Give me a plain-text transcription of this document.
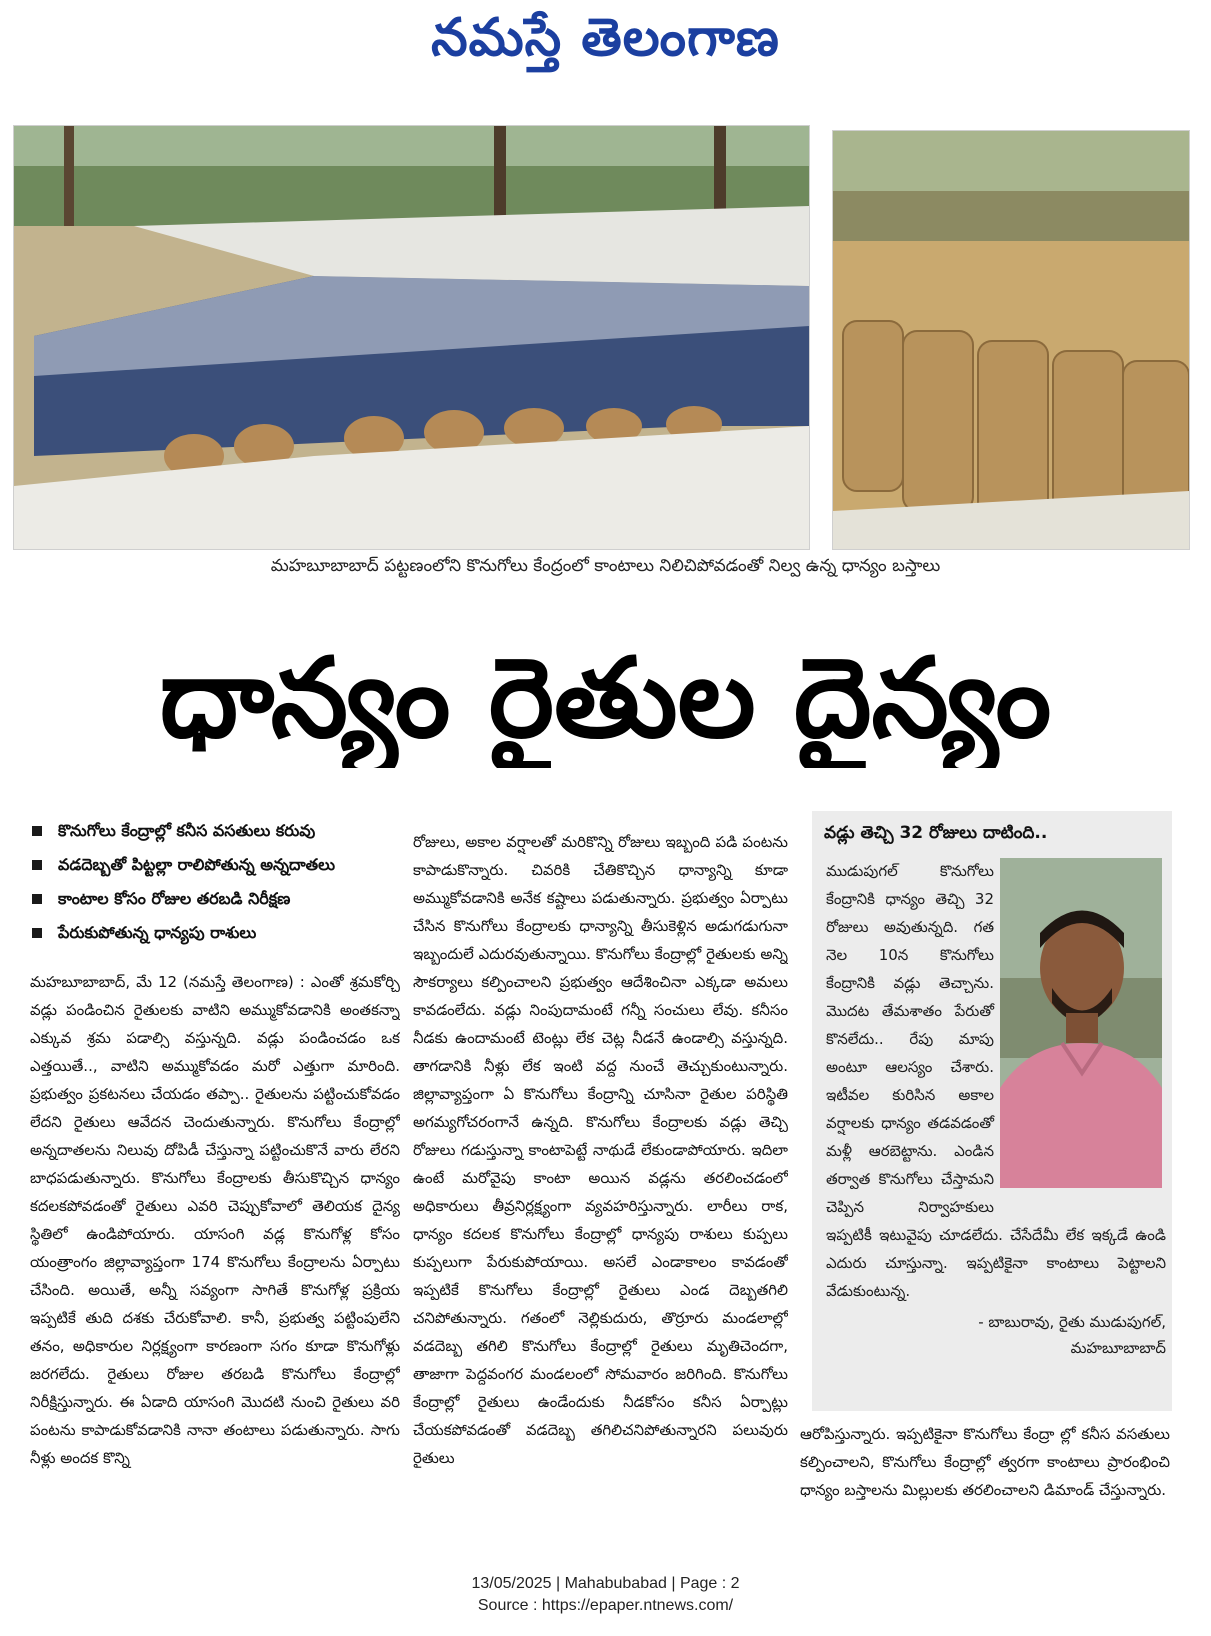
నమస్తే తెలంగాణ
మహబూబాబాద్ పట్టణంలోని కొనుగోలు కేంద్రంలో కాంటాలు నిలిచిపోవడంతో నిల్వ ఉన్న ధాన్యం బస్తాలు
ధాన్యం రైతుల దైన్యం
కొనుగోలు కేంద్రాల్లో కనీస వసతులు కరువు
వడదెబ్బతో పిట్టల్లా రాలిపోతున్న అన్నదాతలు
కాంటాల కోసం రోజుల తరబడి నిరీక్షణ
పేరుకుపోతున్న ధాన్యపు రాశులు

మహబూబాబాద్, మే 12 (నమస్తే తెలంగాణ) : ఎంతో శ్రమకోర్చి వడ్లు పండించిన రైతులకు వాటిని అమ్ముకోవడానికి అంతకన్నా ఎక్కువ శ్రమ పడాల్సి వస్తున్నది. వడ్లు పండించడం ఒక ఎత్తయితే.., వాటిని అమ్ముకోవడం మరో ఎత్తుగా మారింది. ప్రభుత్వం ప్రకటనలు చేయడం తప్పా.. రైతులను పట్టించుకోవడం లేదని రైతులు ఆవేదన చెందుతున్నారు. కొనుగోలు కేంద్రాల్లో అన్నదాతలను నిలువు దోపిడీ చేస్తున్నా పట్టించుకొనే వారు లేరని బాధపడుతున్నారు. కొనుగోలు కేంద్రాలకు తీసుకొచ్చిన ధాన్యం కదలకపోవడంతో రైతులు ఎవరి చెప్పుకోవాలో తెలియక దైన్య స్థితిలో ఉండిపోయారు. యాసంగి వడ్ల కొనుగోళ్ల కోసం యంత్రాంగం జిల్లావ్యాప్తంగా 174 కొనుగోలు కేంద్రాలను ఏర్పాటు చేసింది. అయితే, అన్నీ సవ్యంగా సాగితే కొనుగోళ్ల ప్రక్రియ ఇప్పటికే తుది దశకు చేరుకోవాలి. కానీ, ప్రభుత్వ పట్టింపులేని తనం, అధికారుల నిర్లక్ష్యంగా కారణంగా సగం కూడా కొనుగోళ్లు జరగలేదు. రైతులు రోజుల తరబడి కొనుగోలు కేంద్రాల్లో నిరీక్షిస్తున్నారు. ఈ ఏడాది యాసంగి మొదటి నుంచి రైతులు వరి పంటను కాపాడుకోవడానికి నానా తంటాలు పడుతున్నారు. సాగు నీళ్లు అందక కొన్ని

రోజులు, అకాల వర్షాలతో మరికొన్ని రోజులు ఇబ్బంది పడి పంటను కాపాడుకొన్నారు. చివరికి చేతికొచ్చిన ధాన్యాన్ని కూడా అమ్ముకోవడానికి అనేక కష్టాలు పడుతున్నారు. ప్రభుత్వం ఏర్పాటు చేసిన కొనుగోలు కేంద్రాలకు ధాన్యాన్ని తీసుకెళ్లిన అడుగడుగునా ఇబ్బందులే ఎదురవుతున్నాయి. కొనుగోలు కేంద్రాల్లో రైతులకు అన్ని సౌకర్యాలు కల్పించాలని ప్రభుత్వం ఆదేశించినా ఎక్కడా అమలు కావడంలేదు. వడ్లు నింపుదామంటే గన్నీ సంచులు లేవు. కనీసం నీడకు ఉందామంటే టెంట్లు లేక చెట్ల నీడనే ఉండాల్సి వస్తున్నది. తాగడానికి నీళ్లు లేక ఇంటి వద్ద నుంచే తెచ్చుకుంటున్నారు. జిల్లావ్యాప్తంగా ఏ కొనుగోలు కేంద్రాన్ని చూసినా రైతుల పరిస్థితి అగమ్యగోచరంగానే ఉన్నది. కొనుగోలు కేంద్రాలకు వడ్లు తెచ్చి రోజులు గడుస్తున్నా కాంటాపెట్టే నాథుడే లేకుండాపోయారు. ఇదిలా ఉంటే మరోవైపు కాంటా అయిన వడ్లను తరలించడంలో అధికారులు తీవ్రనిర్లక్ష్యంగా వ్యవహరిస్తున్నారు. లారీలు రాక, ధాన్యం కదలక కొనుగోలు కేంద్రాల్లో ధాన్యపు రాశులు కుప్పలు కుప్పలుగా పేరుకుపోయాయి. అసలే ఎండాకాలం కావడంతో ఇప్పటికే కొనుగోలు కేంద్రాల్లో రైతులు ఎండ దెబ్బతగిలి చనిపోతున్నారు. గతంలో నెల్లికుదురు, తొర్రూరు మండలాల్లో వడదెబ్బ తగిలి కొనుగోలు కేంద్రాల్లో రైతులు మృతిచెందగా, తాజాగా పెద్దవంగర మండలంలో సోమవారం జరిగింది. కొనుగోలు కేంద్రాల్లో రైతులు ఉండేందుకు నీడకోసం కనీస ఏర్పాట్లు చేయకపోవడంతో వడదెబ్బ తగిలిచనిపోతున్నారని పలువురు రైతులు

వడ్లు తెచ్చి 32 రోజులు దాటింది..
ముడుపుగల్ కొనుగోలు కేంద్రానికి ధాన్యం తెచ్చి 32 రోజులు అవుతున్నది. గత నెల 10న కొనుగోలు కేంద్రానికి వడ్లు తెచ్చాను. మొదట తేమశాతం పేరుతో కొనలేదు.. రేపు మాపు అంటూ ఆలస్యం చేశారు. ఇటీవల కురిసిన అకాల వర్షాలకు ధాన్యం తడవడంతో మళ్లీ ఆరబెట్టాను. ఎండిన తర్వాత కొనుగోలు చేస్తామని చెప్పిన నిర్వాహకులు ఇప్పటికీ ఇటువైపు చూడలేదు. చేసేదేమీ లేక ఇక్కడే ఉండి ఎదురు చూస్తున్నా. ఇప్పటికైనా కాంటాలు పెట్టాలని వేడుకుంటున్న.
- బాబురావు, రైతు ముడుపుగల్,
మహబూబాబాద్

ఆరోపిస్తున్నారు. ఇప్పటికైనా కొనుగోలు కేంద్రా ల్లో కనీస వసతులు కల్పించాలని, కొనుగోలు కేంద్రాల్లో త్వరగా కాంటాలు ప్రారంభించి ధాన్యం బస్తాలను మిల్లులకు తరలించాలని డిమాండ్ చేస్తున్నారు.

13/05/2025 | Mahabubabad | Page : 2
Source : https://epaper.ntnews.com/
